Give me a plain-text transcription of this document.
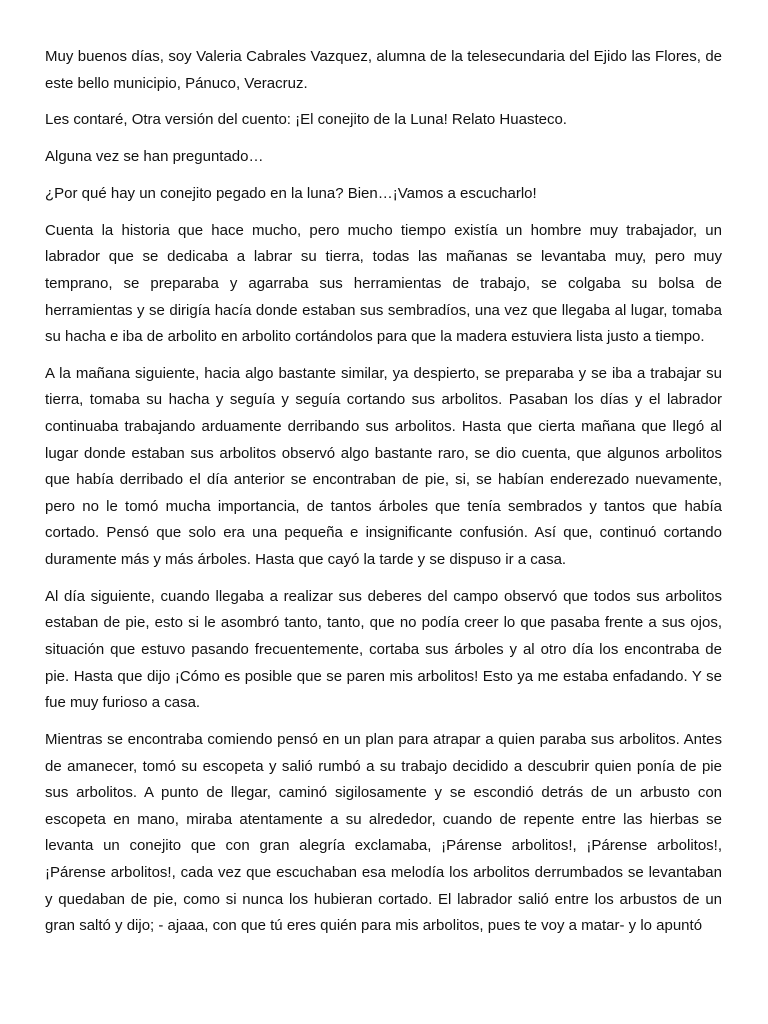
Muy buenos días, soy Valeria Cabrales Vazquez, alumna de la telesecundaria del Ejido las Flores, de este bello municipio, Pánuco, Veracruz.

Les contaré, Otra versión del cuento: ¡El conejito de la Luna! Relato Huasteco.

Alguna vez se han preguntado…

¿Por qué hay un conejito pegado en la luna? Bien…¡Vamos a escucharlo!

Cuenta la historia que hace mucho, pero mucho tiempo existía un hombre muy trabajador, un labrador que se dedicaba a labrar su tierra, todas las mañanas se levantaba muy, pero muy temprano, se preparaba y agarraba sus herramientas de trabajo, se colgaba su bolsa de herramientas y se dirigía hacía donde estaban sus sembradíos, una vez que llegaba al lugar, tomaba su hacha e iba de arbolito en arbolito cortándolos para que la madera estuviera lista justo a tiempo.

A la mañana siguiente, hacia algo bastante similar, ya despierto, se preparaba y se iba a trabajar su tierra, tomaba su hacha y seguía y seguía cortando sus arbolitos. Pasaban los días y el labrador continuaba trabajando arduamente derribando sus arbolitos. Hasta que cierta mañana que llegó al lugar donde estaban sus arbolitos observó algo bastante raro, se dio cuenta, que algunos arbolitos que había derribado el día anterior se encontraban de pie, si, se habían enderezado nuevamente, pero no le tomó mucha importancia, de tantos árboles que tenía sembrados y tantos que había cortado. Pensó que solo era una pequeña e insignificante confusión. Así que, continuó cortando duramente más y más árboles. Hasta que cayó la tarde y se dispuso ir a casa.

Al día siguiente, cuando llegaba a realizar sus deberes del campo observó que todos sus arbolitos estaban de pie, esto si le asombró tanto, tanto, que no podía creer lo que pasaba frente a sus ojos, situación que estuvo pasando frecuentemente, cortaba sus árboles y al otro día los encontraba de pie. Hasta que dijo ¡Cómo es posible que se paren mis arbolitos! Esto ya me estaba enfadando. Y se fue muy furioso a casa.

Mientras se encontraba comiendo pensó en un plan para atrapar a quien paraba sus arbolitos. Antes de amanecer, tomó su escopeta y salió rumbó a su trabajo decidido a descubrir quien ponía de pie sus arbolitos. A punto de llegar, caminó sigilosamente y se escondió detrás de un arbusto con escopeta en mano, miraba atentamente a su alrededor, cuando de repente entre las hierbas se levanta un conejito que con gran alegría exclamaba, ¡Párense arbolitos!, ¡Párense arbolitos!, ¡Párense arbolitos!, cada vez que escuchaban esa melodía los arbolitos derrumbados se levantaban y quedaban de pie, como si nunca los hubieran cortado. El labrador salió entre los arbustos de un gran saltó y dijo; - ajaaa, con que tú eres quién para mis arbolitos, pues te voy a matar- y lo apuntó
